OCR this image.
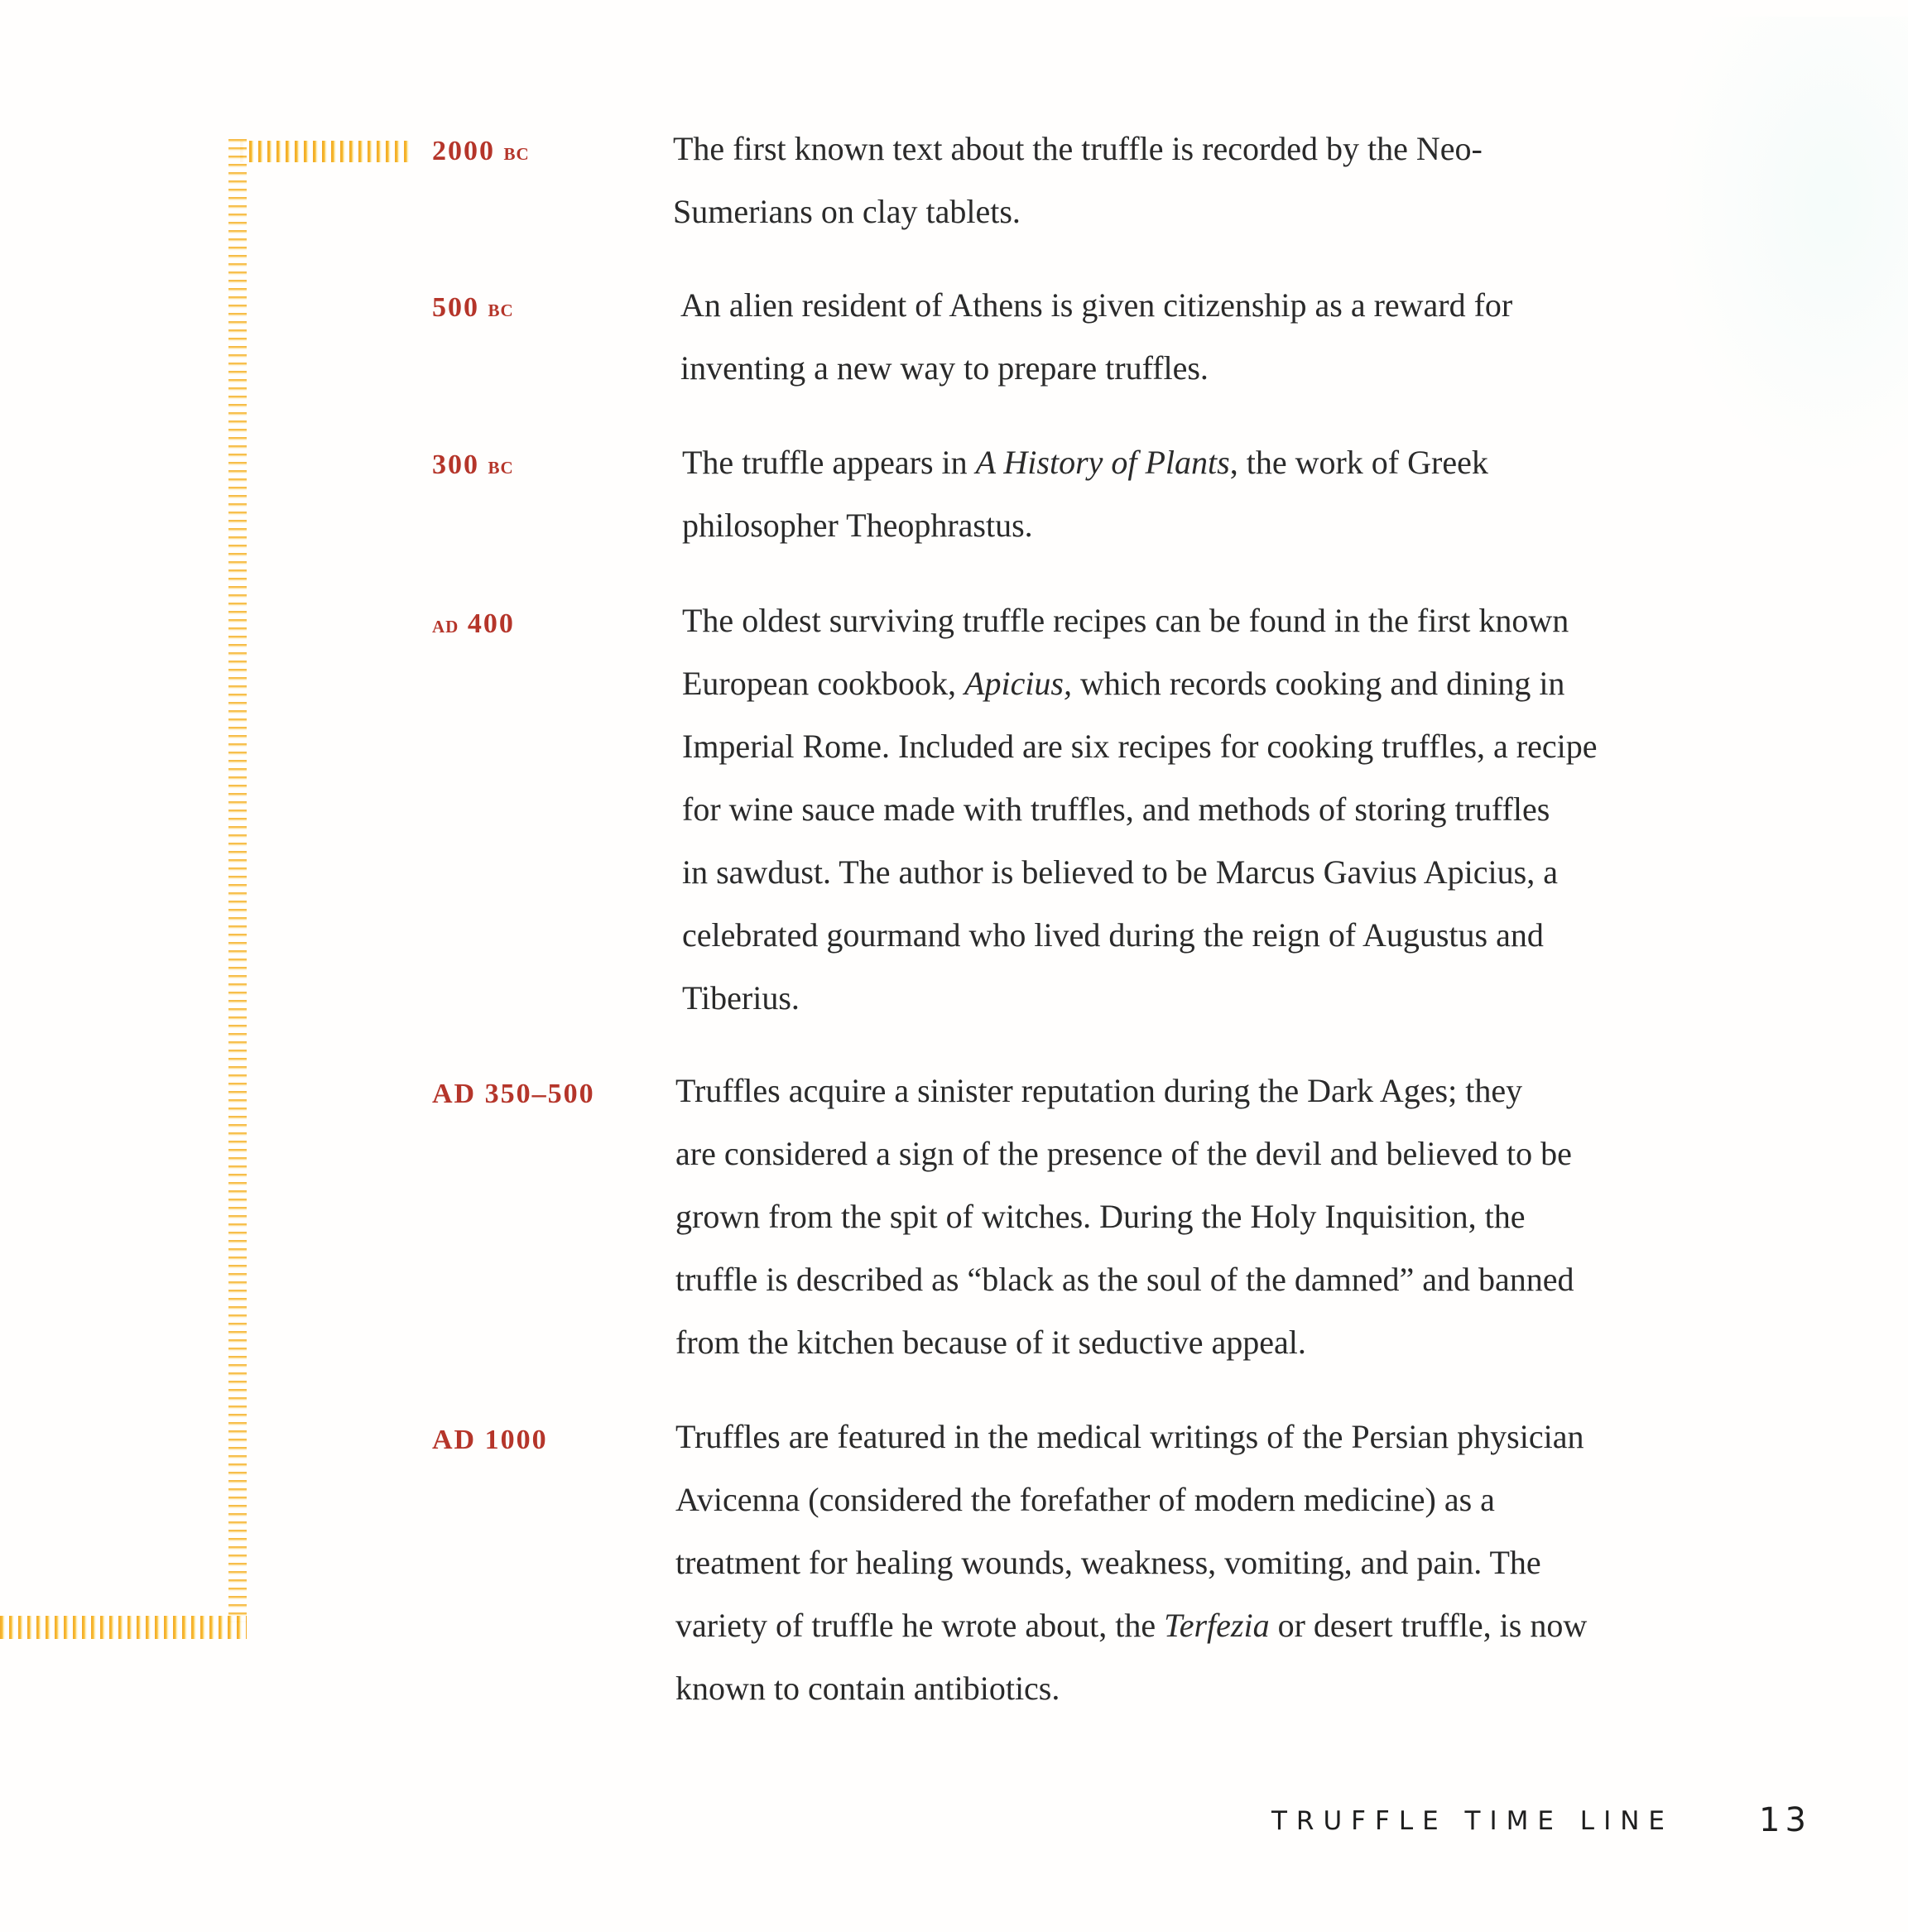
2000 BC	The first known text about the truffle is recorded by the Neo-
Sumerians on clay tablets.
500 BC	An alien resident of Athens is given citizenship as a reward for
inventing a new way to prepare truffles.
300 BC	The truffle appears in A History of Plants, the work of Greek
philosopher Theophrastus.
AD 400	The oldest surviving truffle recipes can be found in the first known
European cookbook, Apicius, which records cooking and dining in
Imperial Rome. Included are six recipes for cooking truffles, a recipe
for wine sauce made with truffles, and methods of storing truffles
in sawdust. The author is believed to be Marcus Gavius Apicius, a
celebrated gourmand who lived during the reign of Augustus and
Tiberius.
AD 350–500 Truffles acquire a sinister reputation during the Dark Ages; they
are considered a sign of the presence of the devil and believed to be
grown from the spit of witches. During the Holy Inquisition, the
truffle is described as “black as the soul of the damned” and banned
from the kitchen because of it seductive appeal.
AD 1000	Truffles are featured in the medical writings of the Persian physician
Avicenna (considered the forefather of modern medicine) as a
treatment for healing wounds, weakness, vomiting, and pain. The
variety of truffle he wrote about, the Terfezia or desert truffle, is now
known to contain antibiotics.
TRUFFLE TIME LINE	13
